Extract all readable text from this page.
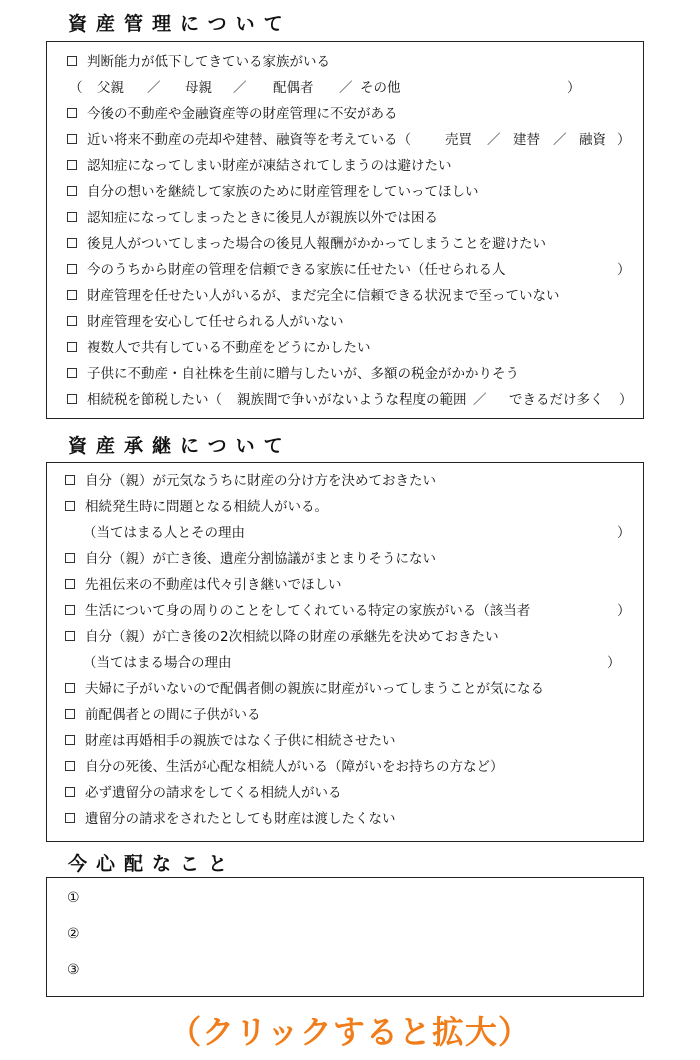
資産管理について
判断能力が低下してきている家族がいる
（ 父親 ／ 母親 ／ 配偶者 ／ その他	）
今後の不動産や金融資産等の財産管理に不安がある
近い将来不動産の売却や建替、融資等を考えている（	売買 ／ 建替 ／ 融資 ）
認知症になってしまい財産が凍結されてしまうのは避けたい
自分の想いを継続して家族のために財産管理をしていってほしい
認知症になってしまったときに後見人が親族以外では困る
後見人がついてしまった場合の後見人報酬がかかってしまうことを避けたい
今のうちから財産の管理を信頼できる家族に任せたい（任せられる人	）
財産管理を任せたい人がいるが、まだ完全に信頼できる状況まで至っていない
財産管理を安心して任せられる人がいない
複数人で共有している不動産をどうにかしたい
子供に不動産・自社株を生前に贈与したいが、多額の税金がかかりそう
相続税を節税したい（ 親族間で争いがないような程度の範囲 ／ できるだけ多く ）
資産承継について
自分（親）が元気なうちに財産の分け方を決めておきたい
相続発生時に問題となる相続人がいる。
（当てはまる人とその理由	）
自分（親）が亡き後、遺産分割協議がまとまりそうにない
先祖伝来の不動産は代々引き継いでほしい
生活について身の周りのことをしてくれている特定の家族がいる（該当者	）
自分（親）が亡き後の2次相続以降の財産の承継先を決めておきたい
（当てはまる場合の理由	）
夫婦に子がいないので配偶者側の親族に財産がいってしまうことが気になる
前配偶者との間に子供がいる
財産は再婚相手の親族ではなく子供に相続させたい
自分の死後、生活が心配な相続人がいる（障がいをお持ちの方など）
必ず遺留分の請求をしてくる相続人がいる
遺留分の請求をされたとしても財産は渡したくない
今心配なこと
①
②
③
（クリックすると拡大）
